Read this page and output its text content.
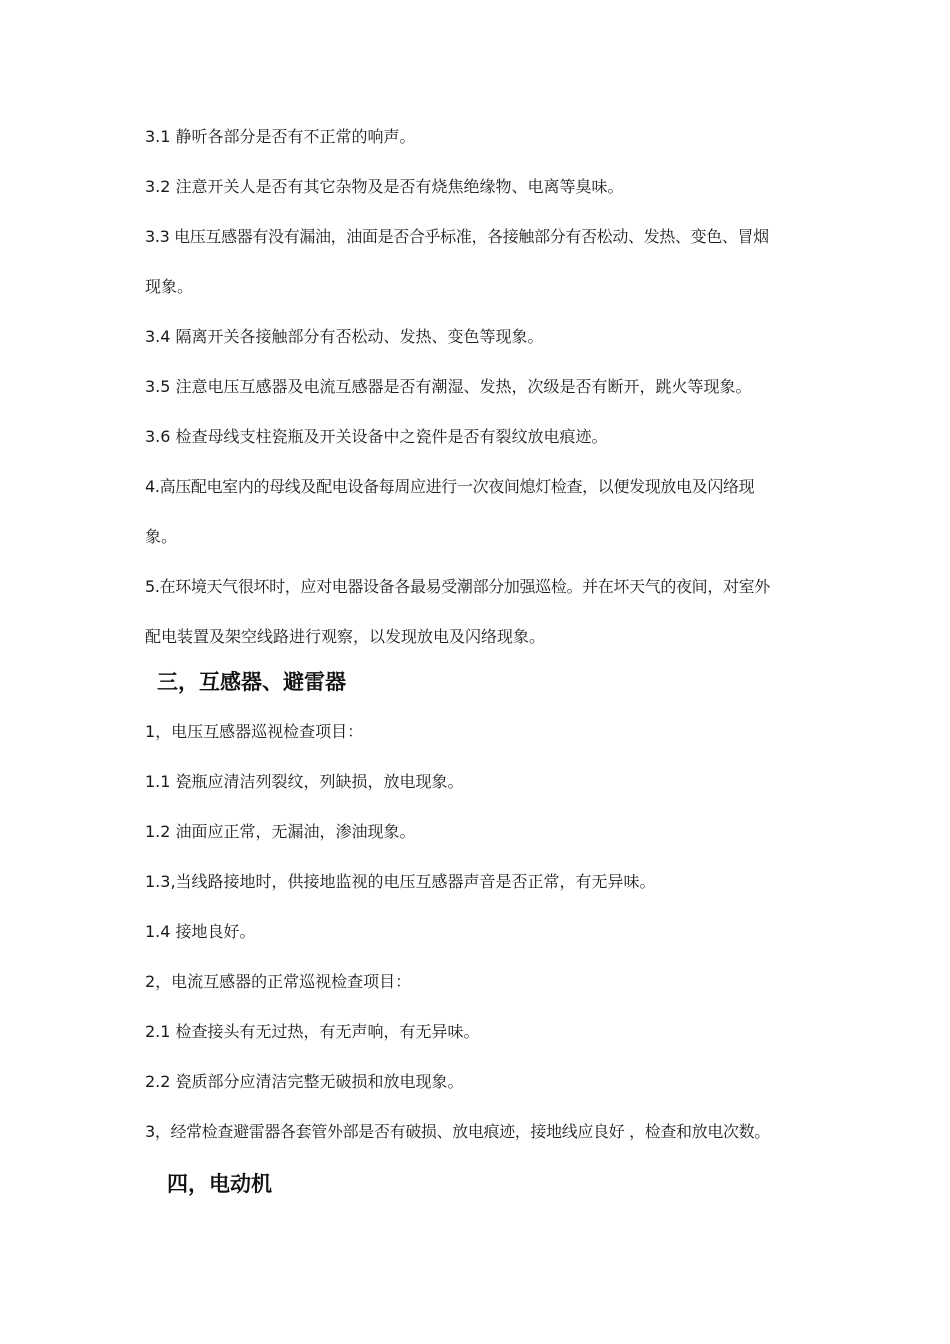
3.1 静听各部分是否有不正常的响声。
3.2 注意开关人是否有其它杂物及是否有烧焦绝缘物、电离等臭味。
3.3 电压互感器有没有漏油，油面是否合乎标准，各接触部分有否松动、发热、变色、冒烟
现象。
3.4 隔离开关各接触部分有否松动、发热、变色等现象。
3.5 注意电压互感器及电流互感器是否有潮湿、发热，次级是否有断开，跳火等现象。
3.6 检查母线支柱瓷瓶及开关设备中之瓷件是否有裂纹放电痕迹。
4.高压配电室内的母线及配电设备每周应进行一次夜间熄灯检查，以便发现放电及闪络现
象。
5.在环境天气很坏时，应对电器设备各最易受潮部分加强巡检。并在坏天气的夜间，对室外
配电装置及架空线路进行观察，以发现放电及闪络现象。
三，互感器、避雷器
1，电压互感器巡视检查项目：
1.1 瓷瓶应清洁列裂纹，列缺损，放电现象。
1.2 油面应正常，无漏油，渗油现象。
1.3,当线路接地时，供接地监视的电压互感器声音是否正常，有无异味。
1.4 接地良好。
2，电流互感器的正常巡视检查项目：
2.1 检查接头有无过热，有无声响，有无异味。
2.2 瓷质部分应清洁完整无破损和放电现象。
3，经常检查避雷器各套管外部是否有破损、放电痕迹，接地线应良好 ，检查和放电次数。
四，电动机
